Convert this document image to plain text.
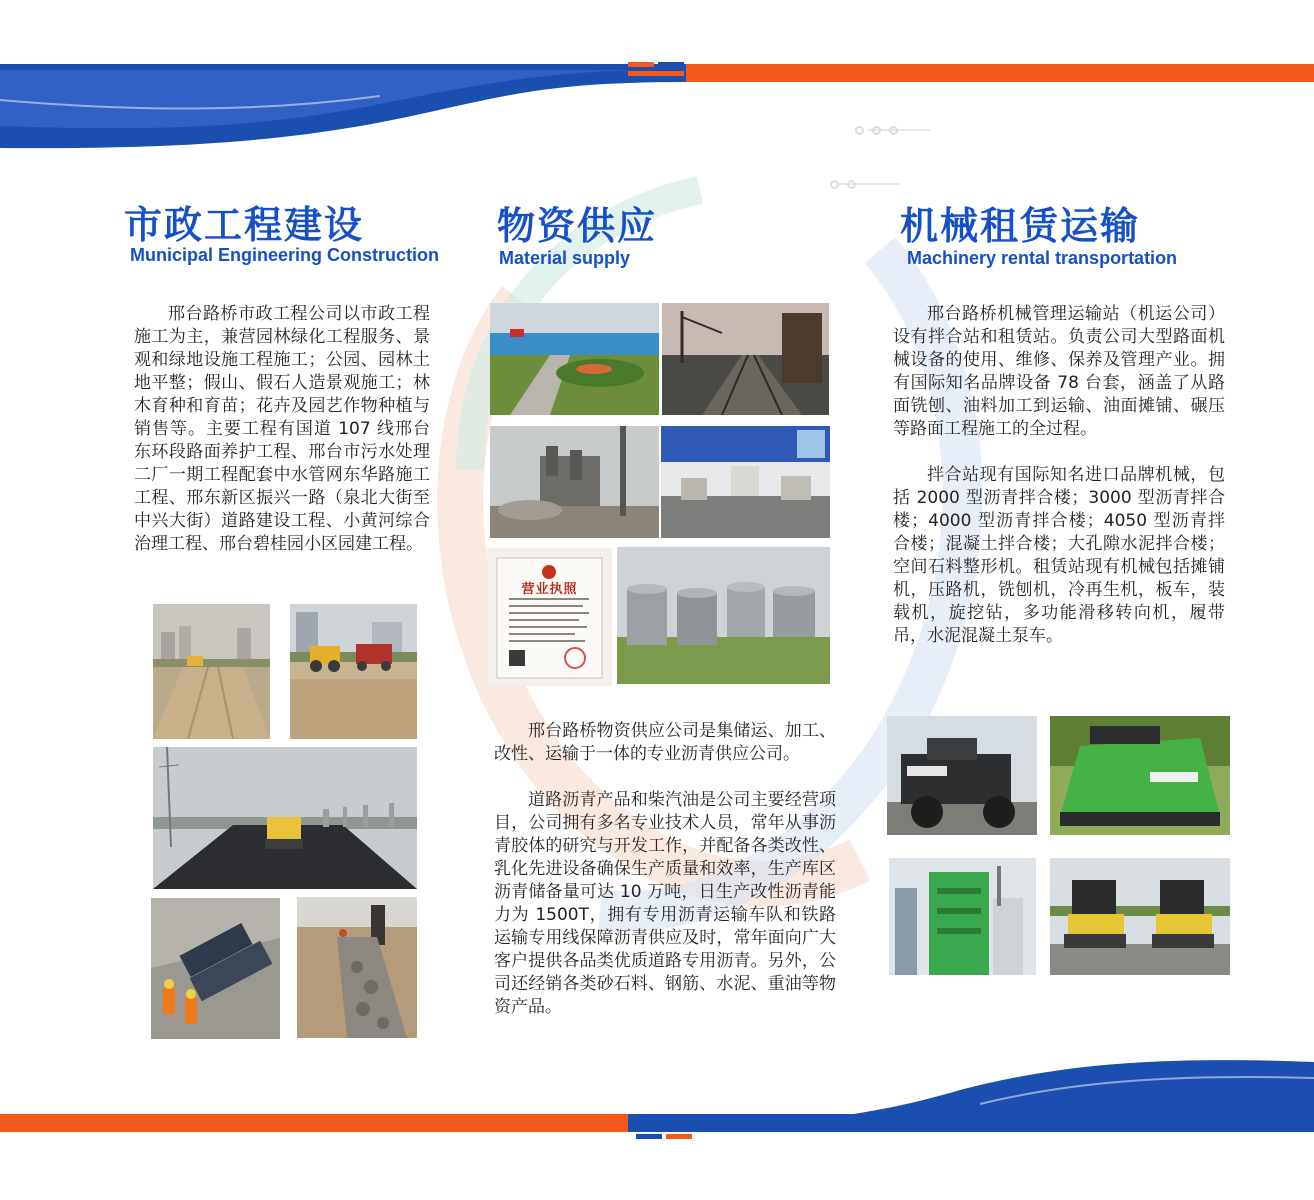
市政工程建设
Municipal Engineering Construction

邢台路桥市政工程公司以市政工程施工为主，兼营园林绿化工程服务、景观和绿地设施工程施工；公园、园林土地平整；假山、假石人造景观施工；林木育种和育苗；花卉及园艺作物种植与销售等。主要工程有国道 107 线邢台东环段路面养护工程、邢台市污水处理二厂一期工程配套中水管网东华路施工工程、邢东新区振兴一路（泉北大街至中兴大街）道路建设工程、小黄河综合治理工程、邢台碧桂园小区园建工程。

物资供应
Material supply
营业执照

邢台路桥物资供应公司是集储运、加工、改性、运输于一体的专业沥青供应公司。

道路沥青产品和柴汽油是公司主要经营项目，公司拥有多名专业技术人员，常年从事沥青胶体的研究与开发工作，并配备各类改性、乳化先进设备确保生产质量和效率，生产库区沥青储备量可达 10 万吨，日生产改性沥青能力为 1500T，拥有专用沥青运输车队和铁路运输专用线保障沥青供应及时，常年面向广大客户提供各品类优质道路专用沥青。另外，公司还经销各类砂石料、钢筋、水泥、重油等物资产品。

机械租赁运输
Machinery rental transportation

邢台路桥机械管理运输站（机运公司）设有拌合站和租赁站。负责公司大型路面机械设备的使用、维修、保养及管理产业。拥有国际知名品牌设备 78 台套，涵盖了从路面铣刨、油料加工到运输、油面摊铺、碾压等路面工程施工的全过程。

拌合站现有国际知名进口品牌机械，包括 2000 型沥青拌合楼；3000 型沥青拌合楼；4000 型沥青拌合楼；4050 型沥青拌合楼；混凝土拌合楼；大孔隙水泥拌合楼；空间石料整形机。租赁站现有机械包括摊铺机，压路机，铣刨机，冷再生机，板车，装载机，旋挖钻，多功能滑移转向机，履带吊，水泥混凝土泵车。
